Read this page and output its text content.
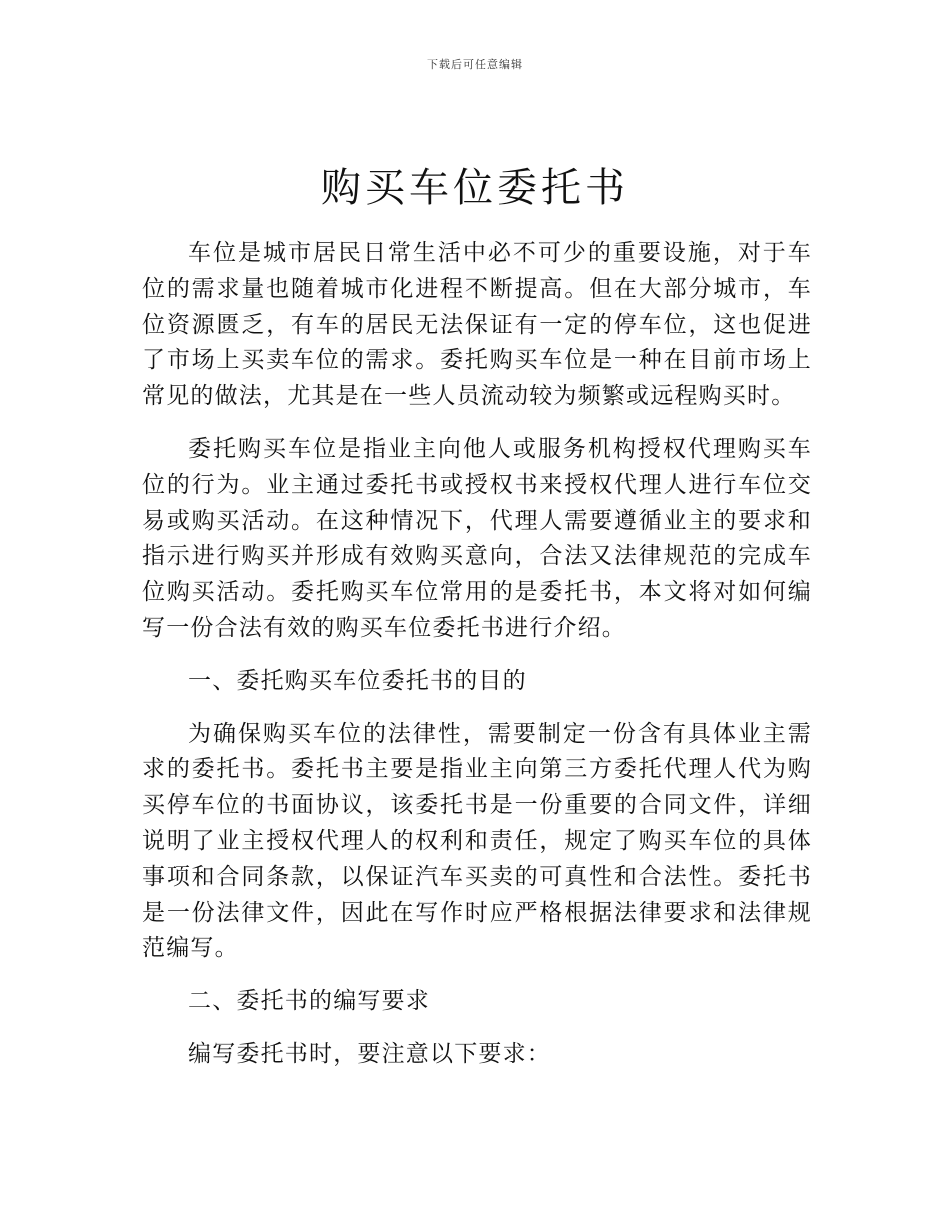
下载后可任意编辑
购买车位委托书

车位是城市居民日常生活中必不可少的重要设施，对于车位的需求量也随着城市化进程不断提高。但在大部分城市，车位资源匮乏，有车的居民无法保证有一定的停车位，这也促进了市场上买卖车位的需求。委托购买车位是一种在目前市场上常见的做法，尤其是在一些人员流动较为频繁或远程购买时。

委托购买车位是指业主向他人或服务机构授权代理购买车位的行为。业主通过委托书或授权书来授权代理人进行车位交易或购买活动。在这种情况下，代理人需要遵循业主的要求和指示进行购买并形成有效购买意向，合法又法律规范的完成车位购买活动。委托购买车位常用的是委托书，本文将对如何编写一份合法有效的购买车位委托书进行介绍。

一、委托购买车位委托书的目的

为确保购买车位的法律性，需要制定一份含有具体业主需求的委托书。委托书主要是指业主向第三方委托代理人代为购买停车位的书面协议，该委托书是一份重要的合同文件，详细说明了业主授权代理人的权利和责任，规定了购买车位的具体事项和合同条款，以保证汽车买卖的可真性和合法性。委托书是一份法律文件，因此在写作时应严格根据法律要求和法律规范编写。

二、委托书的编写要求

编写委托书时，要注意以下要求：
